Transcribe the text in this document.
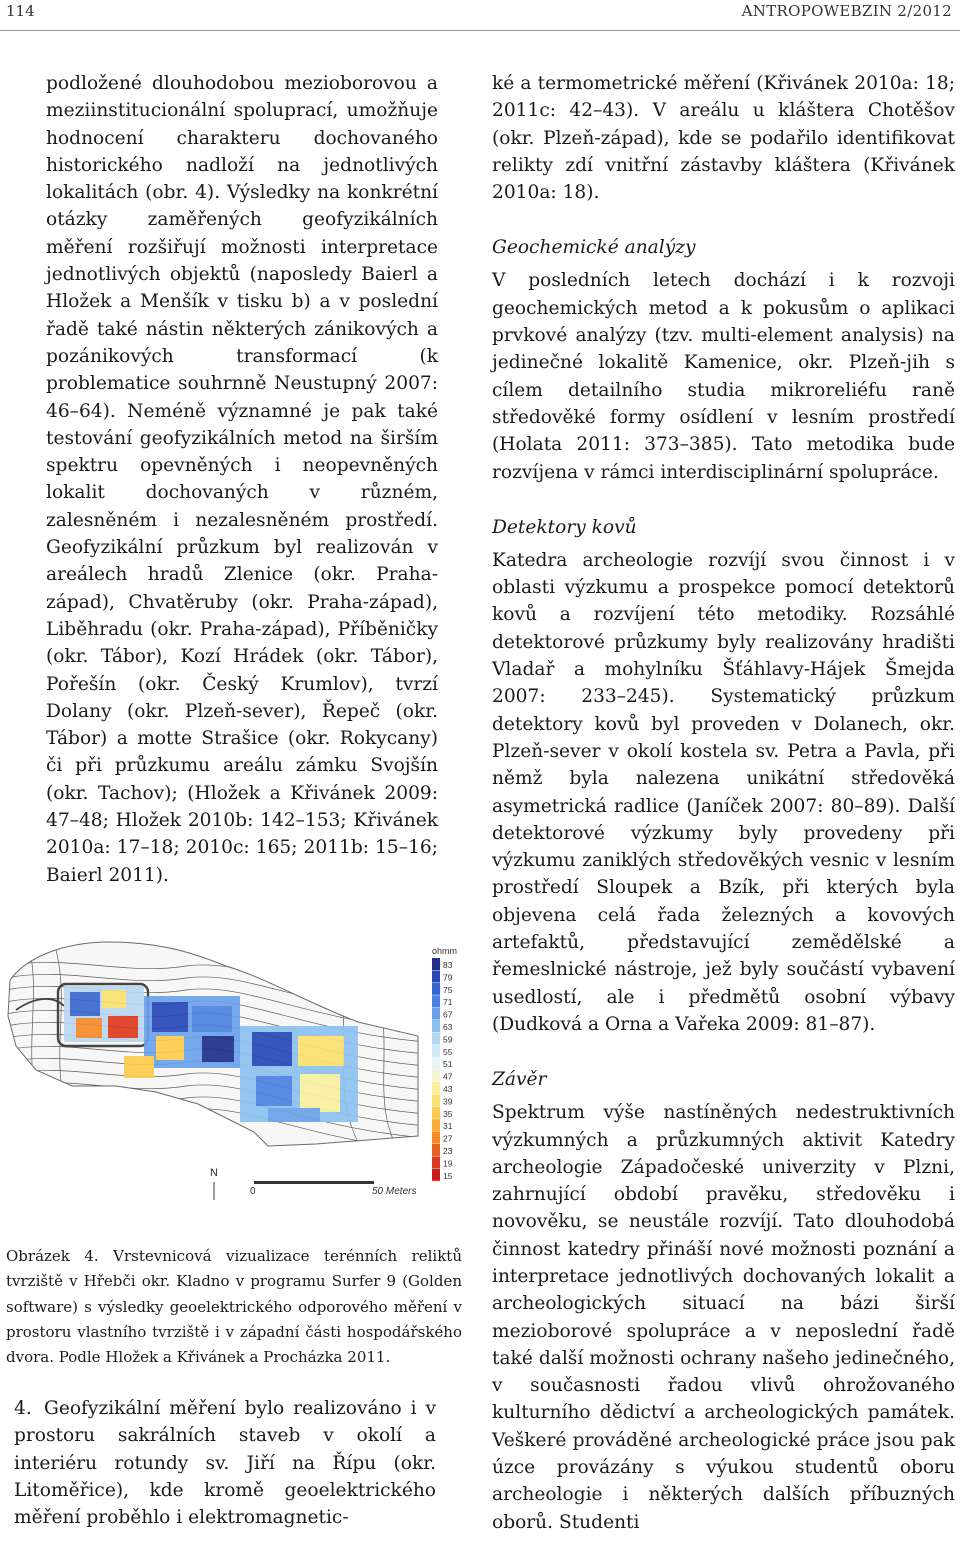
114	ANTROPOWEBZIN 2/2012

podložené dlouhodobou mezioborovou a meziinstitucionální spoluprací, umožňuje hodnocení charakteru dochovaného historického nadloží na jednotlivých lokalitách (obr. 4). Výsledky na konkrétní otázky zaměřených geofyzikálních měření rozšiřují možnosti interpretace jednotlivých objektů (naposledy Baierl a Hložek a Menšík v tisku b) a v poslední řadě také nástin některých zánikových a pozánikových transformací (k problematice souhrnně Neustupný 2007: 46–64). Neméně významné je pak také testování geofyzikálních metod na širším spektru opevněných i neopevněných lokalit dochovaných v různém, zalesněném i nezalesněném prostředí. Geofyzikální průzkum byl realizován v areálech hradů Zlenice (okr. Praha-západ), Chvatěruby (okr. Praha-západ), Liběhradu (okr. Praha-západ), Příběničky (okr. Tábor), Kozí Hrádek (okr. Tábor), Pořešín (okr. Český Krumlov), tvrzí Dolany (okr. Plzeň-sever), Řepeč (okr. Tábor) a motte Strašice (okr. Rokycany) či při průzkumu areálu zámku Svojšín (okr. Tachov); (Hložek a Křivánek 2009: 47–48; Hložek 2010b: 142–153; Křivánek 2010a: 17–18; 2010c: 165; 2011b: 15–16; Baierl 2011).

N
0	50 Meters
ohmm
83
79
75
71
67
63
59
55
51
47
43
39
35
31
27
23
19
15

Obrázek 4. Vrstevnicová vizualizace terénních reliktů tvrziště v Hřebči okr. Kladno v programu Surfer 9 (Golden software) s výsledky geoelektrického odporového měření v prostoru vlastního tvrziště i v západní části hospodářského dvora. Podle Hložek a Křivánek a Procházka 2011.

4. Geofyzikální měření bylo realizováno i v prostoru sakrálních staveb v okolí a interiéru rotundy sv. Jiří na Řípu (okr. Litoměřice), kde kromě geoelektrického měření proběhlo i elektromagnetic-

ké a termometrické měření (Křivánek 2010a: 18; 2011c: 42–43). V areálu u kláštera Chotěšov (okr. Plzeň-západ), kde se podařilo identifikovat relikty zdí vnitřní zástavby kláštera (Křivánek 2010a: 18).

Geochemické analýzy

V posledních letech dochází i k rozvoji geochemických metod a k pokusům o aplikaci prvkové analýzy (tzv. multi-element analysis) na jedinečné lokalitě Kamenice, okr. Plzeň-jih s cílem detailního studia mikroreliéfu raně středověké formy osídlení v lesním prostředí (Holata 2011: 373–385). Tato metodika bude rozvíjena v rámci interdisciplinární spolupráce.

Detektory kovů

Katedra archeologie rozvíjí svou činnost i v oblasti výzkumu a prospekce pomocí detektorů kovů a rozvíjení této metodiky. Rozsáhlé detektorové průzkumy byly realizovány hradišti Vladař a mohylníku Šťáhlavy-Hájek Šmejda 2007: 233–245). Systematický průzkum detektory kovů byl proveden v Dolanech, okr. Plzeň-sever v okolí kostela sv. Petra a Pavla, při němž byla nalezena unikátní středověká asymetrická radlice (Janíček 2007: 80–89). Další detektorové výzkumy byly provedeny při výzkumu zaniklých středověkých vesnic v lesním prostředí Sloupek a Bzík, při kterých byla objevena celá řada železných a kovových artefaktů, představující zemědělské a řemeslnické nástroje, jež byly součástí vybavení usedlostí, ale i předmětů osobní výbavy (Dudková a Orna a Vařeka 2009: 81–87).

Závěr

Spektrum výše nastíněných nedestruktivních výzkumných a průzkumných aktivit Katedry archeologie Západočeské univerzity v Plzni, zahrnující období pravěku, středověku i novověku, se neustále rozvíjí. Tato dlouhodobá činnost katedry přináší nové možnosti poznání a interpretace jednotlivých dochovaných lokalit a archeologických situací na bázi širší mezioborové spolupráce a v neposlední řadě také další možnosti ochrany našeho jedinečného, v současnosti řadou vlivů ohrožovaného kulturního dědictví a archeologických památek. Veškeré prováděné archeologické práce jsou pak úzce provázány s výukou studentů oboru archeologie i některých dalších příbuzných oborů. Studenti
